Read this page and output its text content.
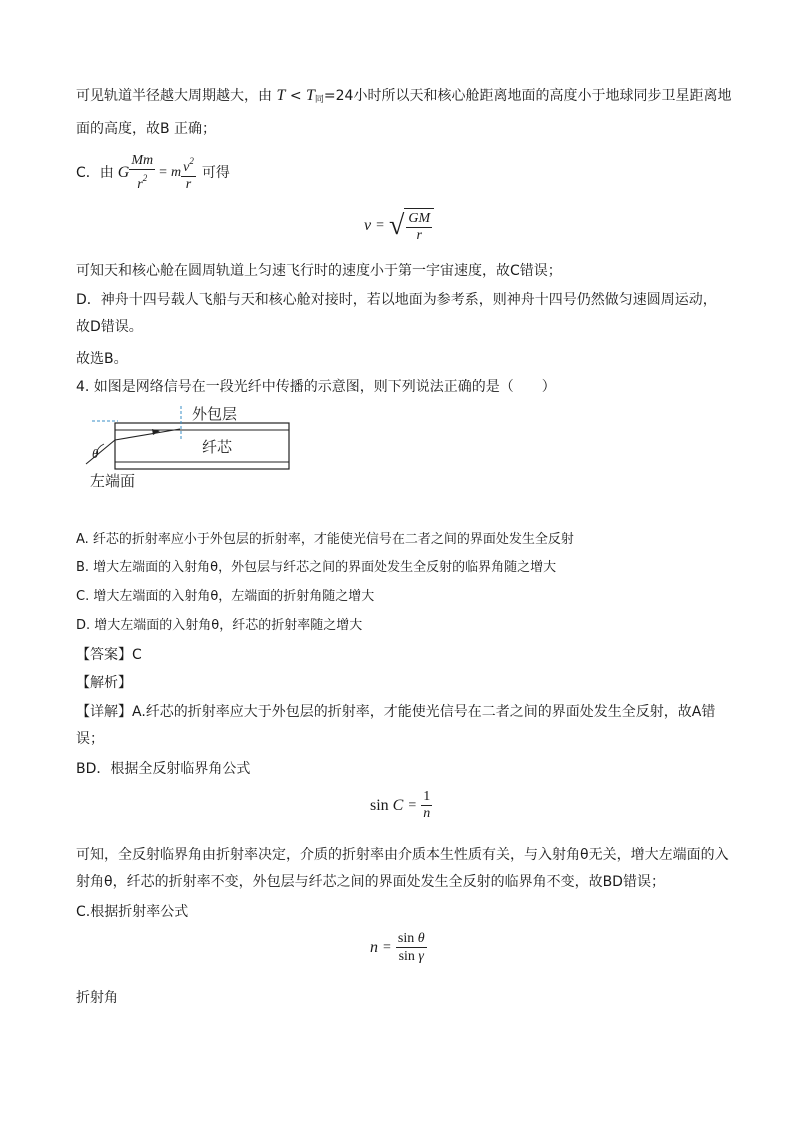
可见轨道半径越大周期越大，由 $T < T_同=24$小时所以天和核心舱距离地面的高度小于地球同步卫星距离地
面的高度，故B 正确；
C．由 G $\frac{Mm}{r^2} = m \frac{v^2}{r}$ 可得
v = √ $\frac{GM}{r}$
可知天和核心舱在圆周轨道上匀速飞行时的速度小于第一宇宙速度，故C错误；
D．神舟十四号载人飞船与天和核心舱对接时，若以地面为参考系，则神舟十四号仍然做匀速圆周运动，
故D错误。
故选B。
4. 如图是网络信号在一段光纤中传播的示意图，则下列说法正确的是（　　）
θ
外包层
纤芯
左端面
A. 纤芯的折射率应小于外包层的折射率，才能使光信号在二者之间的界面处发生全反射
B. 增大左端面的入射角θ，外包层与纤芯之间的界面处发生全反射的临界角随之增大
C. 增大左端面的入射角θ，左端面的折射角随之增大
D. 增大左端面的入射角θ，纤芯的折射率随之增大
【答案】C
【解析】
【详解】A.纤芯的折射率应大于外包层的折射率，才能使光信号在二者之间的界面处发生全反射，故A错
误；
BD．根据全反射临界角公式
$\sin C = \frac{1}{n}$
可知，全反射临界角由折射率决定，介质的折射率由介质本生性质有关，与入射角θ无关，增大左端面的入
射角θ，纤芯的折射率不变，外包层与纤芯之间的界面处发生全反射的临界角不变，故BD错误；
C.根据折射率公式
$n = \frac{\text{sin θ}}{\text{sin γ}}$
折射角
